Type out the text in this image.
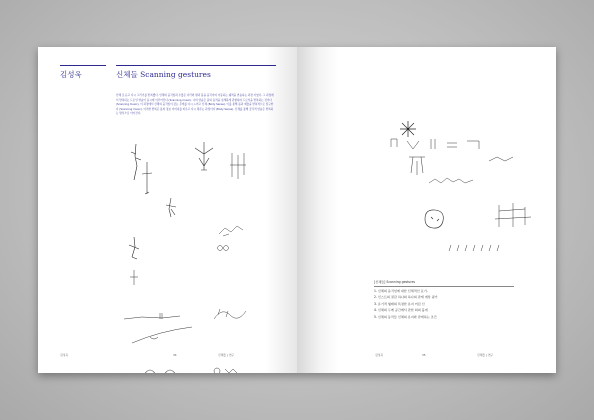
김성욱	신체들 Scanning gestures
인체 또 듣고 다시 그리기를 반복했다. 인체의 움직임과 수많은 다리와 팔과 몸을 움직이며 이동하는 궤적을 연습하는 과정 이었다. 그 과정에서 반복되는 드로잉 연습이 동시에 이루어진다 (Scanning music). 나의 연습은 몸의 동작을 섬세하게 관찰하며 드로잉을 반복하는 것이다 (Scanning music), 이 과정에서 신체의 움직임이 갖는 무게를 다시 느끼고 신체 (Body Sense). 이를 통해 몸과 예술을 반복적으로 탐구한다 (Scanning music). 이러한 반복은 몸의 정보 이미지를 비우고 다시 채우는 과정이다 (Body Sense). 신체를 통해 감각적 연습은 반복되는 방식으로 이어진다.
김성욱	34	신체들 | 연구
[신체들] Scanning gestures
1. 신체의 움직임에 대한 신체적인 표기.
2. 신스트의 질감 하나의 하나의 관계 예상 평가
3. 유기적 형태의 특정한 유지 어림 신
4. 신체의 두께 공간에서 관한 회의 불게
5. 신체의 동작들 신체의 유지와 관계하는 조건
김성욱	35	신체들 | 연구
